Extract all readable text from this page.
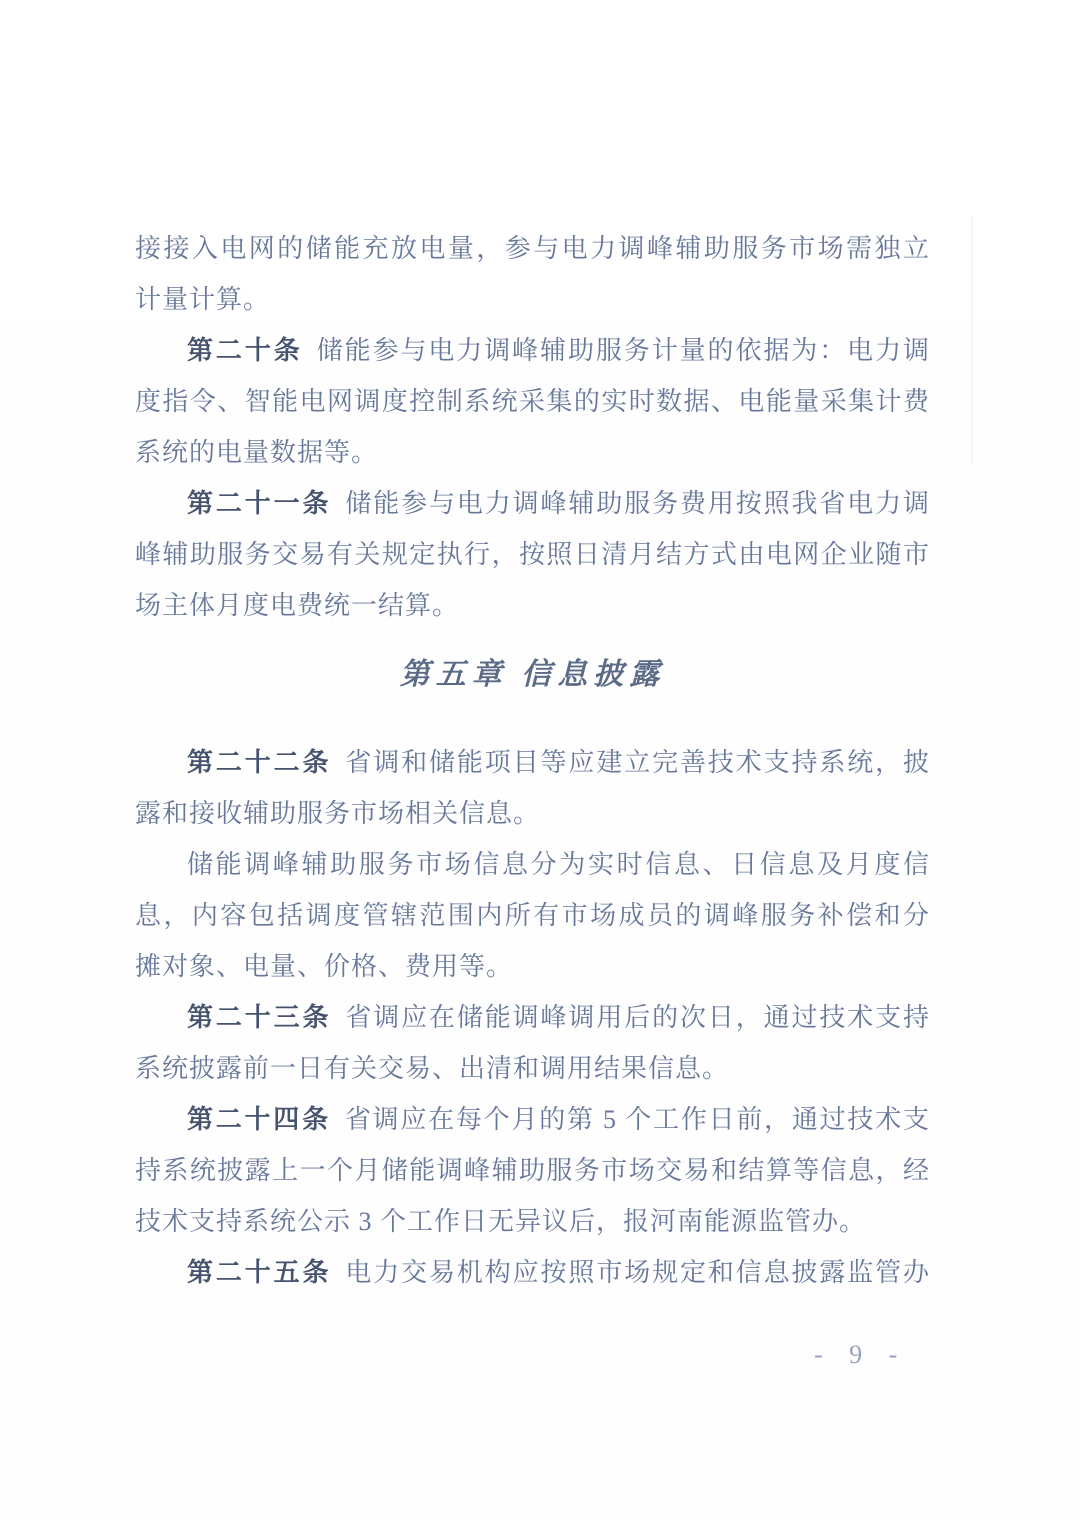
接接入电网的储能充放电量，参与电力调峰辅助服务市场需独立
计量计算。
第二十条 储能参与电力调峰辅助服务计量的依据为：电力调
度指令、智能电网调度控制系统采集的实时数据、电能量采集计费
系统的电量数据等。
第二十一条 储能参与电力调峰辅助服务费用按照我省电力调
峰辅助服务交易有关规定执行，按照日清月结方式由电网企业随市
场主体月度电费统一结算。
第五章 信息披露
第二十二条 省调和储能项目等应建立完善技术支持系统，披
露和接收辅助服务市场相关信息。
储能调峰辅助服务市场信息分为实时信息、日信息及月度信
息，内容包括调度管辖范围内所有市场成员的调峰服务补偿和分
摊对象、电量、价格、费用等。
第二十三条 省调应在储能调峰调用后的次日，通过技术支持
系统披露前一日有关交易、出清和调用结果信息。
第二十四条 省调应在每个月的第 5 个工作日前，通过技术支
持系统披露上一个月储能调峰辅助服务市场交易和结算等信息，经
技术支持系统公示 3 个工作日无异议后，报河南能源监管办。
第二十五条 电力交易机构应按照市场规定和信息披露监管办
- 9 -
